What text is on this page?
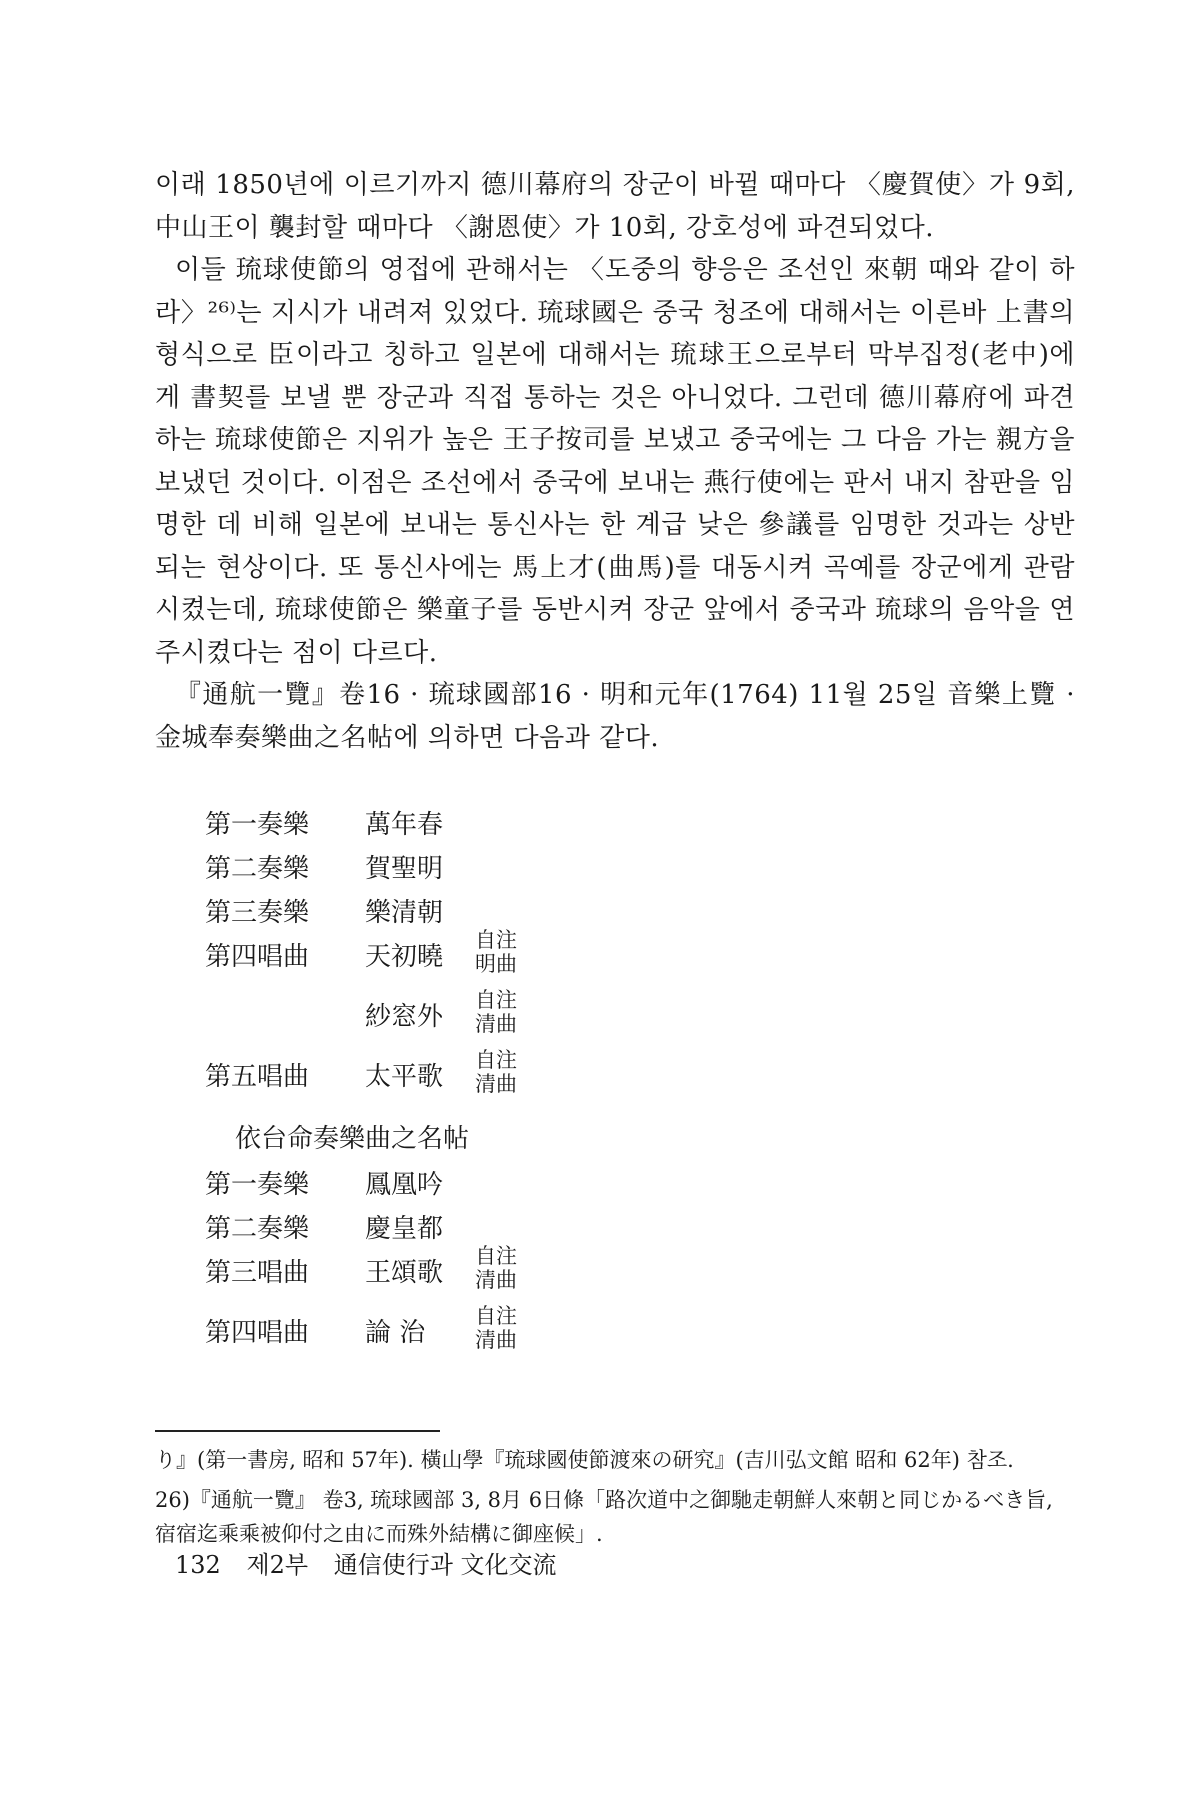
이래 1850년에 이르기까지 德川幕府의 장군이 바뀔 때마다 〈慶賀使〉가 9회, 中山王이 襲封할 때마다 〈謝恩使〉가 10회, 강호성에 파견되었다.

이들 琉球使節의 영접에 관해서는 〈도중의 향응은 조선인 來朝 때와 같이 하라〉²⁶⁾는 지시가 내려져 있었다. 琉球國은 중국 청조에 대해서는 이른바 上書의 형식으로 臣이라고 칭하고 일본에 대해서는 琉球王으로부터 막부집정(老中)에게 書契를 보낼 뿐 장군과 직접 통하는 것은 아니었다. 그런데 德川幕府에 파견하는 琉球使節은 지위가 높은 王子按司를 보냈고 중국에는 그 다음 가는 親方을 보냈던 것이다. 이점은 조선에서 중국에 보내는 燕行使에는 판서 내지 참판을 임명한 데 비해 일본에 보내는 통신사는 한 계급 낮은 參議를 임명한 것과는 상반되는 현상이다. 또 통신사에는 馬上才(曲馬)를 대동시켜 곡예를 장군에게 관람시켰는데, 琉球使節은 樂童子를 동반시켜 장군 앞에서 중국과 琉球의 음악을 연주시켰다는 점이 다르다.

『通航一覽』卷16 · 琉球國部16 · 明和元年(1764) 11월 25일 音樂上覽 · 金城奉奏樂曲之名帖에 의하면 다음과 같다.

第一奏樂 萬年春
第二奏樂 賀聖明
第三奏樂 樂清朝
第四唱曲 天初曉
自注
明曲
紗窓外
自注
清曲
第五唱曲 太平歌
自注
清曲
依台命奏樂曲之名帖
第一奏樂 鳳凰吟
第二奏樂 慶皇都
第三唱曲 王頌歌
自注
清曲
第四唱曲 論 治
自注
清曲

り』(第一書房, 昭和 57年). 橫山學『琉球國使節渡來の研究』(吉川弘文館 昭和 62年) 참조.

26)『通航一覽』 卷3, 琉球國部 3, 8月 6日條「路次道中之御馳走朝鮮人來朝と同じかるべき旨, 宿宿迄乘乘被仰付之由に而殊外結構に御座候」.

132 제2부 通信使行과 文化交流
